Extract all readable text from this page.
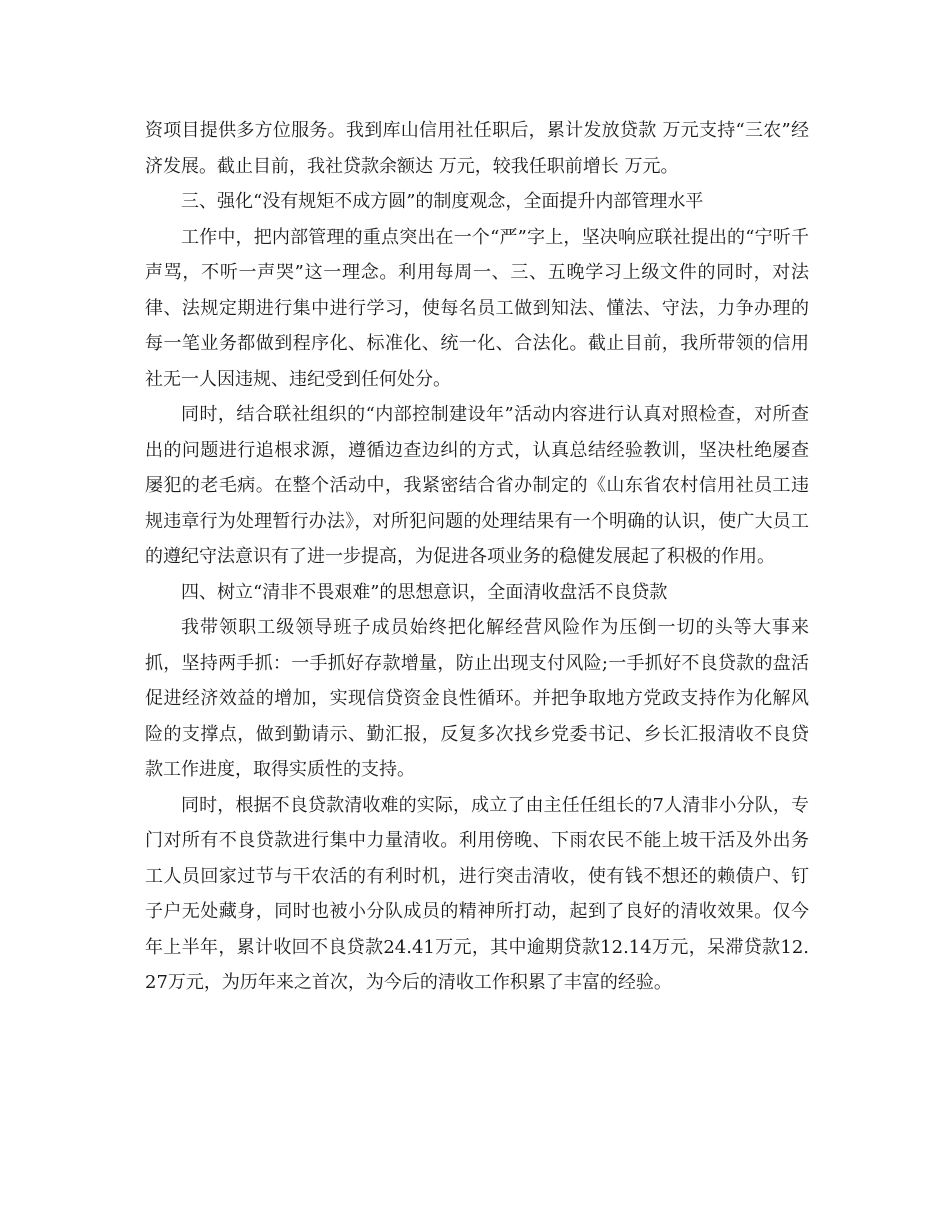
资项目提供多方位服务。我到库山信用社任职后，累计发放贷款 万元支持“三农”经济发展。截止目前，我社贷款余额达 万元，较我任职前增长 万元。

三、强化“没有规矩不成方圆”的制度观念，全面提升内部管理水平

工作中，把内部管理的重点突出在一个“严”字上，坚决响应联社提出的“宁听千声骂，不听一声哭”这一理念。利用每周一、三、五晚学习上级文件的同时，对法律、法规定期进行集中进行学习，使每名员工做到知法、懂法、守法，力争办理的每一笔业务都做到程序化、标准化、统一化、合法化。截止目前，我所带领的信用社无一人因违规、违纪受到任何处分。

同时，结合联社组织的“内部控制建设年”活动内容进行认真对照检查，对所查出的问题进行追根求源，遵循边查边纠的方式，认真总结经验教训，坚决杜绝屡查屡犯的老毛病。在整个活动中，我紧密结合省办制定的《山东省农村信用社员工违规违章行为处理暂行办法》，对所犯问题的处理结果有一个明确的认识，使广大员工的遵纪守法意识有了进一步提高，为促进各项业务的稳健发展起了积极的作用。

四、树立“清非不畏艰难”的思想意识，全面清收盘活不良贷款

我带领职工级领导班子成员始终把化解经营风险作为压倒一切的头等大事来抓，坚持两手抓：一手抓好存款增量，防止出现支付风险;一手抓好不良贷款的盘活促进经济效益的增加，实现信贷资金良性循环。并把争取地方党政支持作为化解风险的支撑点，做到勤请示、勤汇报，反复多次找乡党委书记、乡长汇报清收不良贷款工作进度，取得实质性的支持。

同时，根据不良贷款清收难的实际，成立了由主任任组长的7人清非小分队，专门对所有不良贷款进行集中力量清收。利用傍晚、下雨农民不能上坡干活及外出务工人员回家过节与干农活的有利时机，进行突击清收，使有钱不想还的赖债户、钉子户无处藏身，同时也被小分队成员的精神所打动，起到了良好的清收效果。仅今年上半年，累计收回不良贷款24.41万元，其中逾期贷款12.14万元，呆滞贷款12.27万元，为历年来之首次，为今后的清收工作积累了丰富的经验。
